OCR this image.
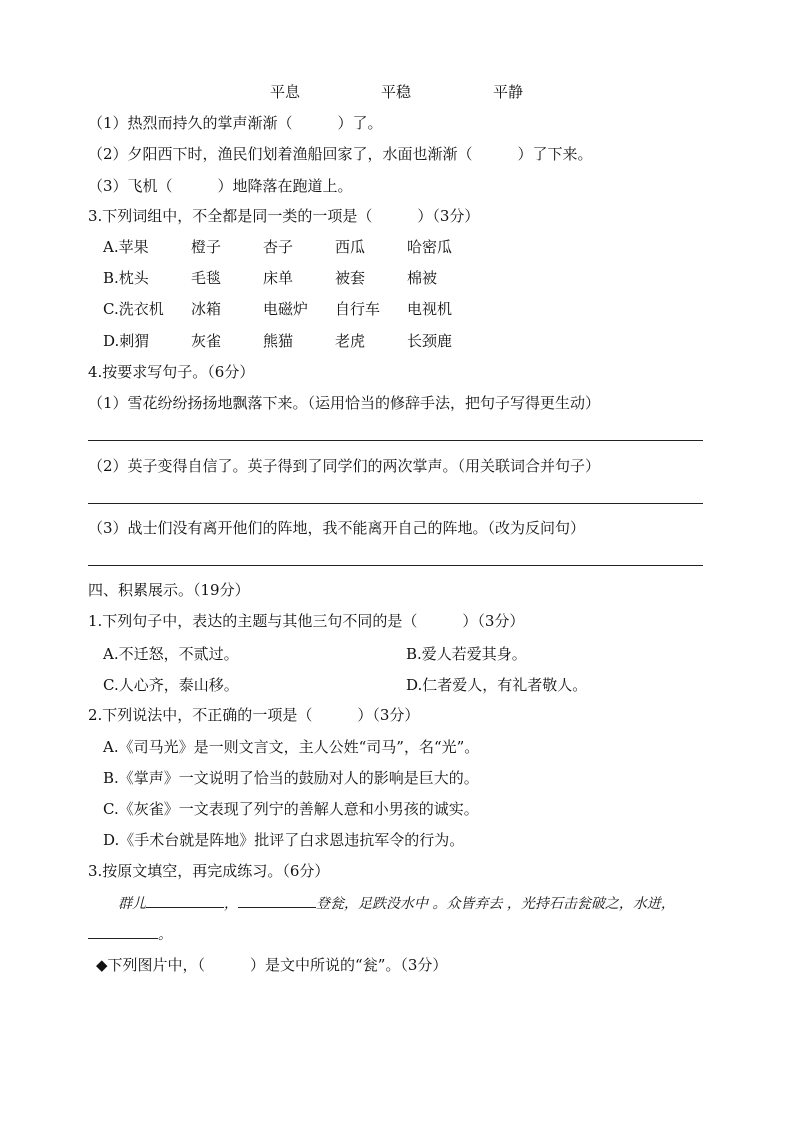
平息	平稳	平静
（1）热烈而持久的掌声渐渐（　　　）了。
（2）夕阳西下时，渔民们划着渔船回家了，水面也渐渐（　　　）了下来。
（3）飞机（　　　）地降落在跑道上。
3.下列词组中，不全都是同一类的一项是（　　　）（3分）
A.苹果	橙子	杏子	西瓜	哈密瓜
B.枕头	毛毯	床单	被套	棉被
C.洗衣机 冰箱	电磁炉 自行车 电视机
D.刺猬	灰雀	熊猫	老虎	长颈鹿
4.按要求写句子。（6分）
（1）雪花纷纷扬扬地飘落下来。（运用恰当的修辞手法，把句子写得更生动）
（2）英子变得自信了。英子得到了同学们的两次掌声。（用关联词合并句子）
（3）战士们没有离开他们的阵地，我不能离开自己的阵地。（改为反问句）
四、积累展示。（19分）
1.下列句子中，表达的主题与其他三句不同的是（　　　）（3分）
A.不迁怒，不贰过。	B.爱人若爱其身。
C.人心齐，泰山移。	D.仁者爱人，有礼者敬人。
2.下列说法中，不正确的一项是（　　　）（3分）
A.《司马光》是一则文言文，主人公姓“司马”，名“光”。
B.《掌声》一文说明了恰当的鼓励对人的影响是巨大的。
C.《灰雀》一文表现了列宁的善解人意和小男孩的诚实。
D.《手术台就是阵地》批评了白求恩违抗军令的行为。
3.按原文填空，再完成练习。（6分）
群儿	，	登瓮，足跌没水中 。众皆弃去 ，光持石击瓮破之，水迸，
。
◆下列图片中，（　　　）是文中所说的“瓮”。（3分）
